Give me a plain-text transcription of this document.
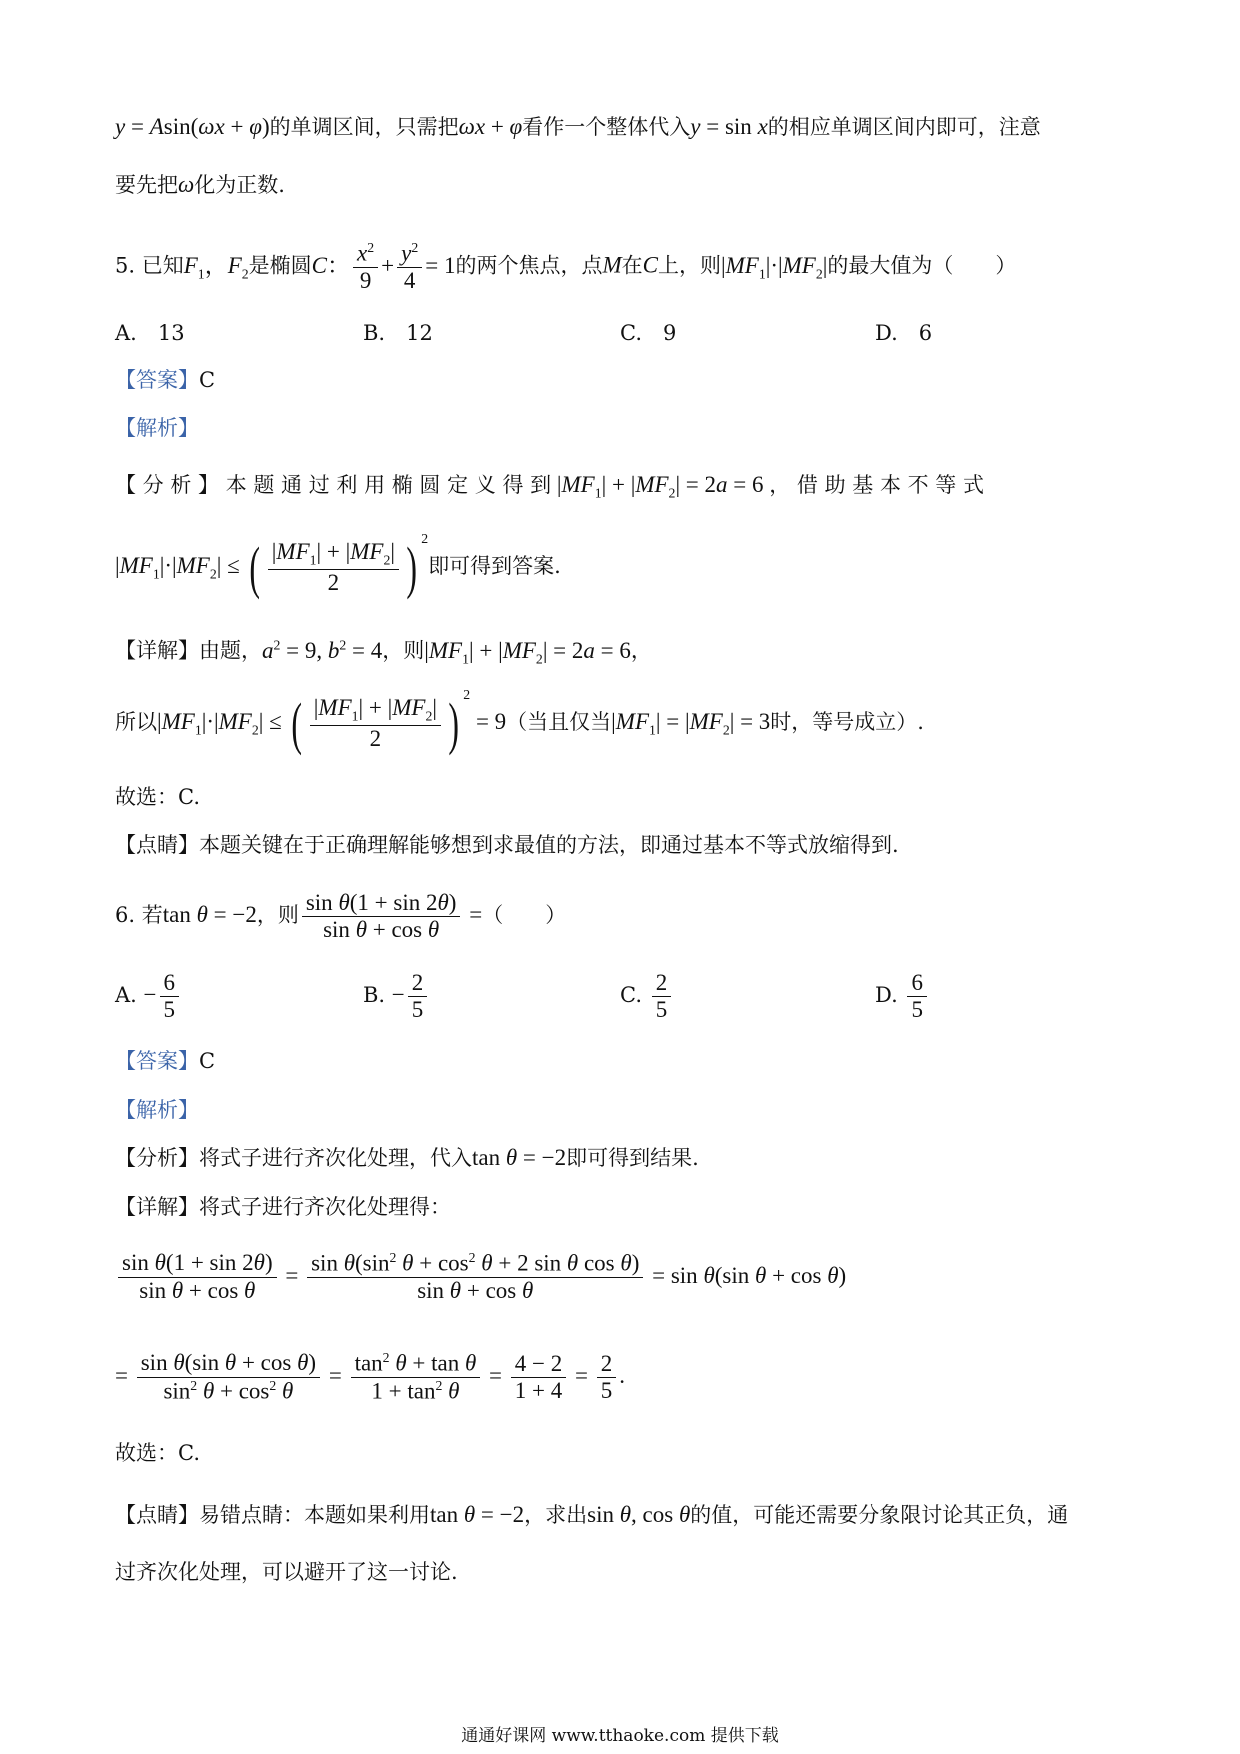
y = Asin(ωx + φ)的单调区间，只需把ωx + φ看作一个整体代入y = sin x的相应单调区间内即可，注意
要先把ω化为正数.
5. 已知$F_1$，$F_2$是椭圆C： $\frac{x^2}{9} + \frac{y^2}{4} = 1$的两个焦点，点M在C上，则$|MF_1|\cdot|MF_2|$的最大值为（　　）
A.　13	B.　12	C.　9	D.　6
【答案】C
【解析】
【 分 析 】 本 题 通 过 利 用 椭 圆 定 义 得 到 $|MF_1| + |MF_2| = 2a = 6$ ， 借 助 基 本 不 等 式
$|MF_1|\cdot|MF_2|$ ≤ ( $\frac{|MF_1| + |MF_2|}{2}$ ) $^2$即可得到答案.
【详解】由题，$a^2 = 9$, $b^2 = 4$，则$|MF_1| + |MF_2| = 2a = 6$，
所以$|MF_1|\cdot|MF_2|$ ≤ ( $\frac{|MF_1| + |MF_2|}{2}$ ) $^2$ = 9（当且仅当$|MF_1| = |MF_2| = 3$时，等号成立）.
故选：C.
【点睛】本题关键在于正确理解能够想到求最值的方法，即通过基本不等式放缩得到.
6. 若tan θ = −2，则 $\frac{\text{sin θ(1 + sin 2θ)}}{\text{sin θ + cos θ}}$ =（　　）
A. − $\frac{6}{5}$	B. − $\frac{2}{5}$	C. $\frac{2}{5}$	D. $\frac{6}{5}$
【答案】C
【解析】
【分析】将式子进行齐次化处理，代入tan θ = −2即可得到结果.
【详解】将式子进行齐次化处理得：
$\frac{\text{sin θ(1 + sin 2θ)}}{\text{sin θ + cos θ}} = \frac{\sin \theta(\sin^2 \theta + \cos^2 \theta + 2 \sin \theta \cos \theta)}{\text{sin θ + cos θ}} = \sin \theta(\sin$ θ + cos θ)
= $\frac{\text{sin θ(sin θ + cos θ)}}{\sin^2 \theta + \cos^2 \theta} = \frac{\tan^2 \theta + \tan \theta}{1 + \tan^2 \theta} = \frac{4 - 2}{1 + 4} = \frac{2}{5}$ .
故选：C.
【点睛】易错点睛：本题如果利用tan θ = −2，求出sin θ, cos θ的值，可能还需要分象限讨论其正负，通
过齐次化处理，可以避开了这一讨论.
通通好课网 www.tthaoke.com 提供下载
